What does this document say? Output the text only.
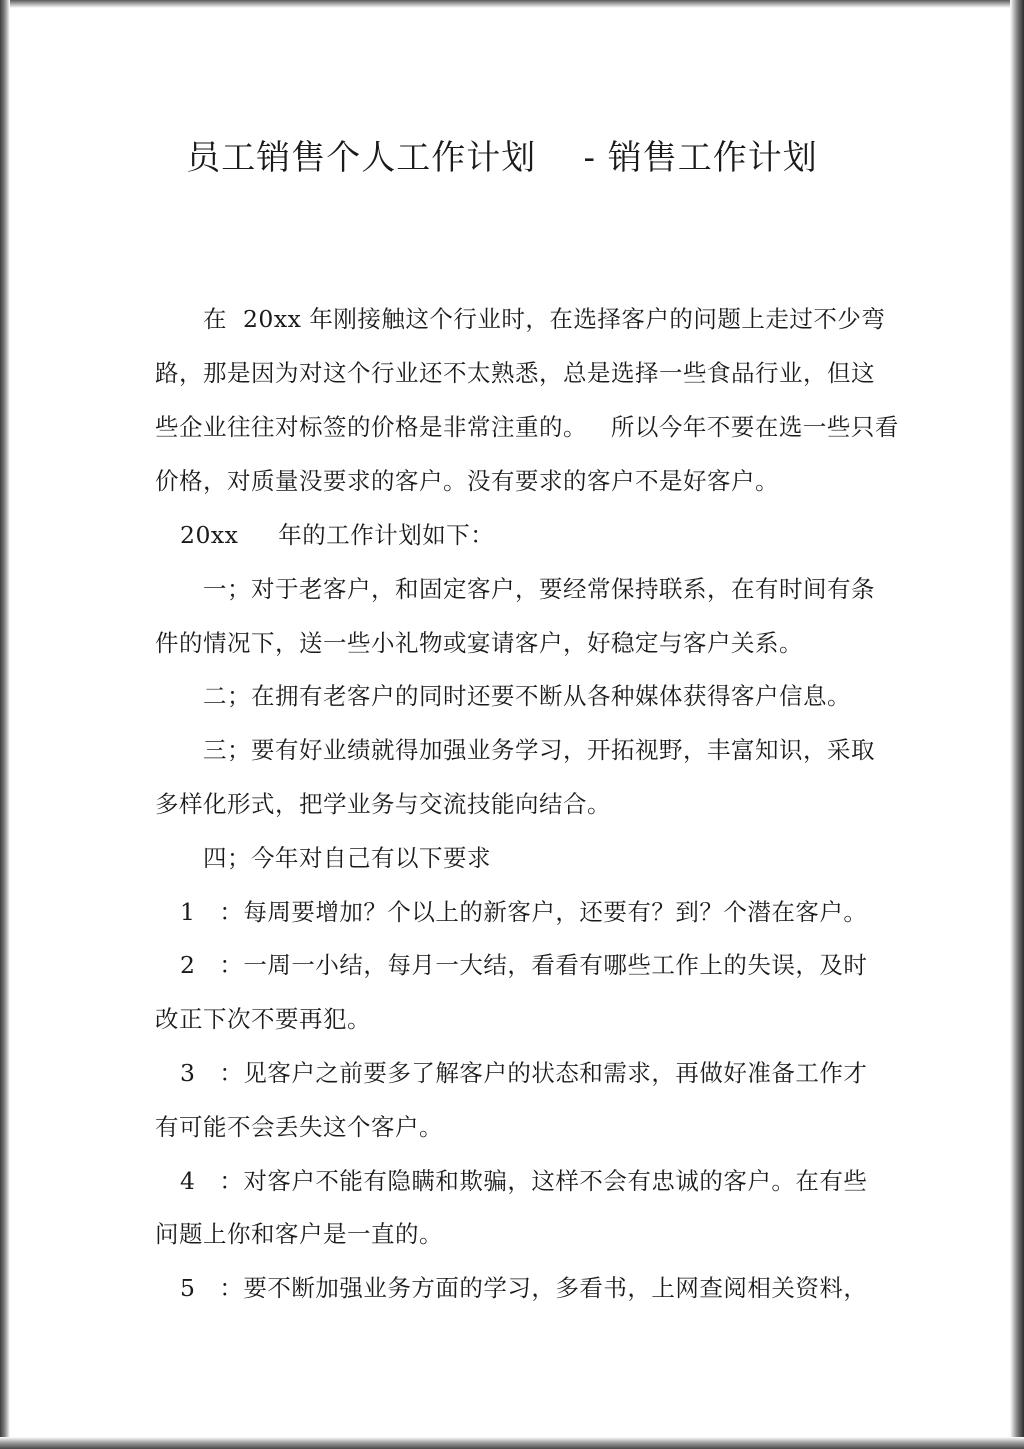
员工销售个人工作计划    - 销售工作计划
在  20xx 年刚接触这个行业时，在选择客户的问题上走过不少弯
路，那是因为对这个行业还不太熟悉，总是选择一些食品行业，但这
些企业往往对标签的价格是非常注重的。   所以今年不要在选一些只看
价格，对质量没要求的客户。没有要求的客户不是好客户。
20xx     年的工作计划如下：
一；对于老客户，和固定客户，要经常保持联系，在有时间有条
件的情况下，送一些小礼物或宴请客户，好稳定与客户关系。
二；在拥有老客户的同时还要不断从各种媒体获得客户信息。
三；要有好业绩就得加强业务学习，开拓视野，丰富知识，采取
多样化形式，把学业务与交流技能向结合。
四；今年对自己有以下要求
1   ：每周要增加？个以上的新客户，还要有？到？个潜在客户。
2   ：一周一小结，每月一大结，看看有哪些工作上的失误，及时
改正下次不要再犯。
3   ：见客户之前要多了解客户的状态和需求，再做好准备工作才
有可能不会丢失这个客户。
4   ：对客户不能有隐瞒和欺骗，这样不会有忠诚的客户。在有些
问题上你和客户是一直的。
5   ：要不断加强业务方面的学习，多看书，上网查阅相关资料，
